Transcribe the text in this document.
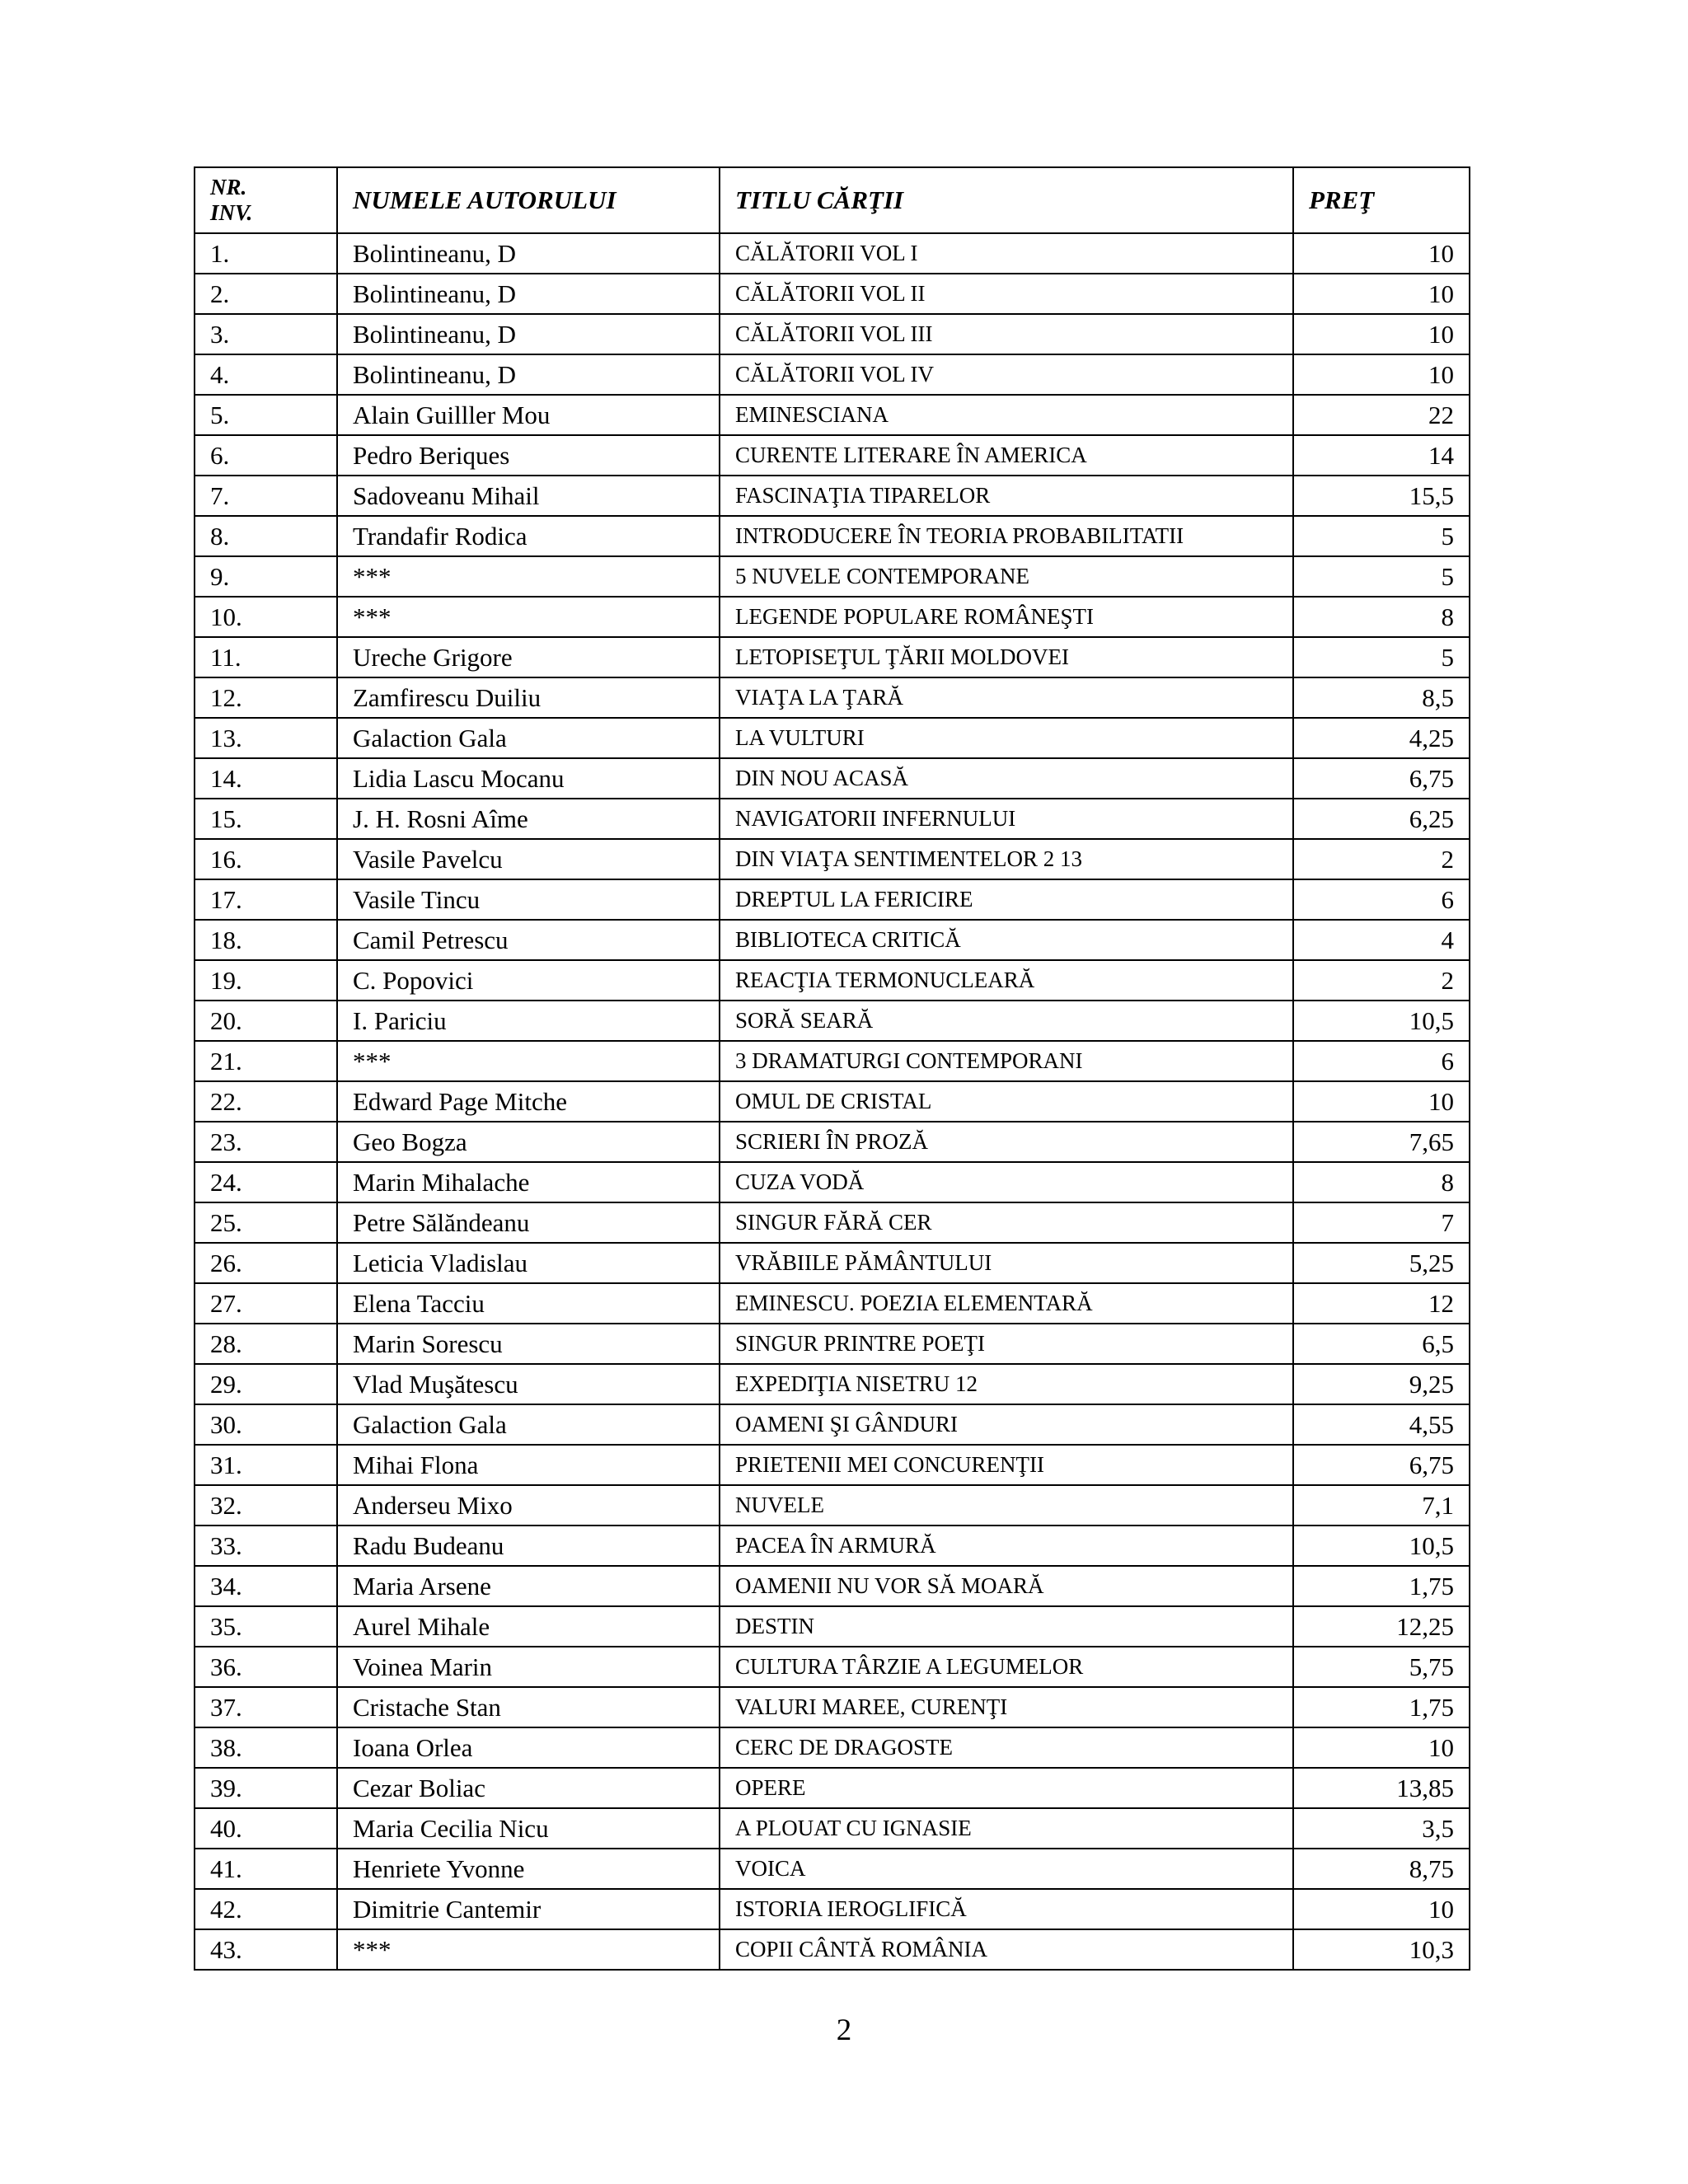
NR.
INV.	NUMELE AUTORULUI	TITLU CĂRŢII	PREŢ
1.	Bolintineanu, D	CĂLĂTORII VOL I	10
2.	Bolintineanu, D	CĂLĂTORII VOL II	10
3.	Bolintineanu, D	CĂLĂTORII VOL III	10
4.	Bolintineanu, D	CĂLĂTORII VOL IV	10
5.	Alain Guilller Mou	EMINESCIANA	22
6.	Pedro Beriques	CURENTE LITERARE ÎN AMERICA	14
7.	Sadoveanu Mihail	FASCINAŢIA TIPARELOR	15,5
8.	Trandafir Rodica	INTRODUCERE ÎN TEORIA PROBABILITATII	5
9.	***	5 NUVELE CONTEMPORANE	5
10.	***	LEGENDE POPULARE ROMÂNEŞTI	8
11.	Ureche Grigore	LETOPISEŢUL ŢĂRII MOLDOVEI	5
12.	Zamfirescu Duiliu	VIAŢA LA ŢARĂ	8,5
13.	Galaction Gala	LA VULTURI	4,25
14.	Lidia Lascu Mocanu	DIN NOU ACASĂ	6,75
15.	J. H. Rosni Aîme	NAVIGATORII INFERNULUI	6,25
16.	Vasile Pavelcu	DIN VIAŢA SENTIMENTELOR 2 13	2
17.	Vasile Tincu	DREPTUL LA FERICIRE	6
18.	Camil Petrescu	BIBLIOTECA CRITICĂ	4
19.	C. Popovici	REACŢIA TERMONUCLEARĂ	2
20.	I. Pariciu	SORĂ SEARĂ	10,5
21.	***	3 DRAMATURGI CONTEMPORANI	6
22.	Edward Page Mitche	OMUL DE CRISTAL	10
23.	Geo Bogza	SCRIERI ÎN PROZĂ	7,65
24.	Marin Mihalache	CUZA VODĂ	8
25.	Petre Sălăndeanu	SINGUR FĂRĂ CER	7
26.	Leticia Vladislau	VRĂBIILE PĂMÂNTULUI	5,25
27.	Elena Tacciu	EMINESCU. POEZIA ELEMENTARĂ	12
28.	Marin Sorescu	SINGUR PRINTRE POEŢI	6,5
29.	Vlad Muşătescu	EXPEDIŢIA NISETRU 12	9,25
30.	Galaction Gala	OAMENI ŞI GÂNDURI	4,55
31.	Mihai Flona	PRIETENII MEI CONCURENŢII	6,75
32.	Anderseu Mixo	NUVELE	7,1
33.	Radu Budeanu	PACEA ÎN ARMURĂ	10,5
34.	Maria Arsene	OAMENII NU VOR SĂ MOARĂ	1,75
35.	Aurel Mihale	DESTIN	12,25
36.	Voinea Marin	CULTURA TÂRZIE A LEGUMELOR	5,75
37.	Cristache Stan	VALURI MAREE, CURENŢI	1,75
38.	Ioana Orlea	CERC DE DRAGOSTE	10
39.	Cezar Boliac	OPERE	13,85
40.	Maria Cecilia Nicu	A PLOUAT CU IGNASIE	3,5
41.	Henriete Yvonne	VOICA	8,75
42.	Dimitrie Cantemir	ISTORIA IEROGLIFICĂ	10
43.	***	COPII CÂNTĂ ROMÂNIA	10,3
2
